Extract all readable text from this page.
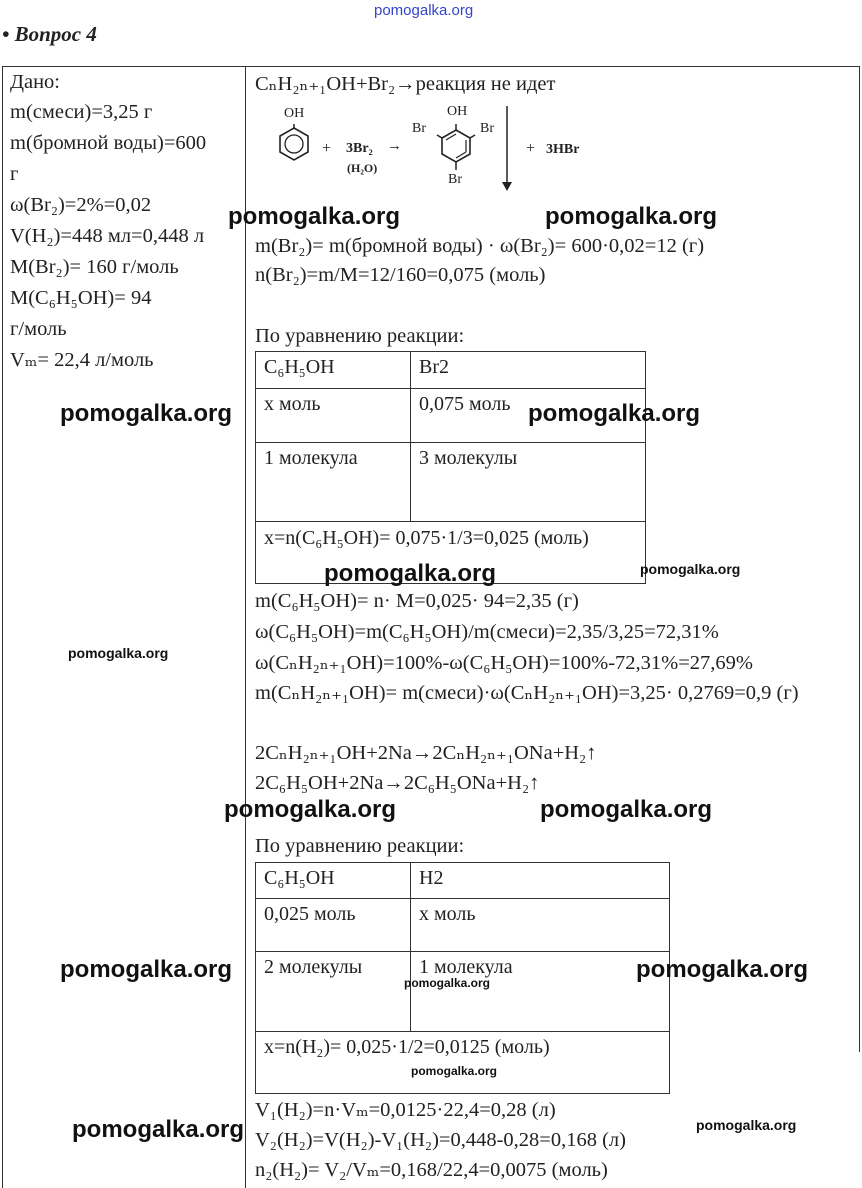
pomogalka.org
• Вопрос 4
Дано:
m(смеси)=3,25 г
m(бромной воды)=600
г
ω(Br₂)=2%=0,02
V(H₂)=448 мл=0,448 л
M(Br₂)= 160 г/моль
M(C₆H₅OH)= 94
г/моль
Vₘ= 22,4 л/моль
CₙH₂ₙ₊₁OH+Br₂→реакция не идет
OH
+ 3Br₂ →
(H₂O)
OH
Br	Br
Br
+ 3HBr
m(Br₂)= m(бромной воды) · ω(Br₂)= 600·0,02=12 (г)
n(Br₂)=m/M=12/160=0,075 (моль)
По уравнению реакции:
C₆H₅OH	Br2
х моль	0,075 моль
1 молекула	3 молекулы
x=n(C₆H₅OH)= 0,075·1/3=0,025 (моль)	
m(C₆H₅OH)= n· M=0,025· 94=2,35 (г)
ω(C₆H₅OH)=m(C₆H₅OH)/m(смеси)=2,35/3,25=72,31%
ω(CₙH₂ₙ₊₁OH)=100%-ω(C₆H₅OH)=100%-72,31%=27,69%
m(CₙH₂ₙ₊₁OH)= m(смеси)·ω(CₙH₂ₙ₊₁OH)=3,25· 0,2769=0,9 (г)
2CₙH₂ₙ₊₁OH+2Na→2CₙH₂ₙ₊₁ONa+H₂↑
2C₆H₅OH+2Na→2C₆H₅ONa+H₂↑
По уравнению реакции:
C₆H₅OH	H2
0,025 моль	х моль
2 молекулы	1 молекула
x=n(H₂)= 0,025·1/2=0,0125 (моль)	
V₁(H₂)=n·Vₘ=0,0125·22,4=0,28 (л)
V₂(H₂)=V(H₂)-V₁(H₂)=0,448-0,28=0,168 (л)
n₂(H₂)= V₂/Vₘ=0,168/22,4=0,0075 (моль)
pomogalka.org	pomogalka.org
pomogalka.org	pomogalka.org
pomogalka.org	pomogalka.org
pomogalka.org
pomogalka.org	pomogalka.org
pomogalka.org	pomogalka.org
pomogalka.org
pomogalka.org
pomogalka.org	pomogalka.org
